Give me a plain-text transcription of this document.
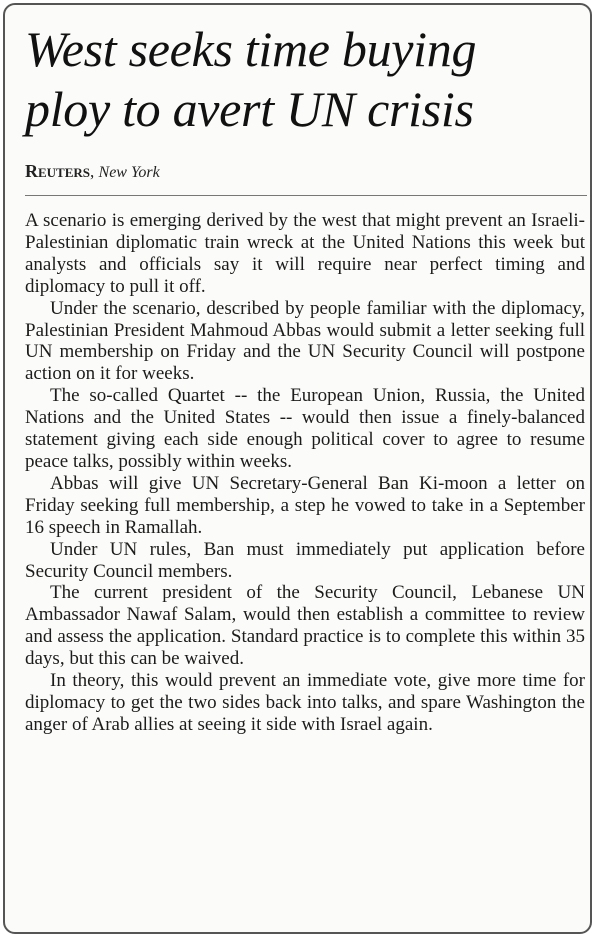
West seeks time buying
ploy to avert UN crisis
Reuters, New York

A scenario is emerging derived by the west that might prevent an Israeli-Palestinian diplomatic train wreck at the United Nations this week but analysts and officials say it will require near perfect timing and diplomacy to pull it off.

Under the scenario, described by people familiar with the diplomacy, Palestinian President Mahmoud Abbas would submit a letter seeking full UN membership on Friday and the UN Security Council will postpone action on it for weeks.

The so-called Quartet -- the European Union, Russia, the United Nations and the United States -- would then issue a finely-balanced statement giving each side enough political cover to agree to resume peace talks, possibly within weeks.

Abbas will give UN Secretary-General Ban Ki-moon a letter on Friday seeking full membership, a step he vowed to take in a September 16 speech in Ramallah.

Under UN rules, Ban must immediately put application before Security Council members.

The current president of the Security Council, Lebanese UN Ambassador Nawaf Salam, would then establish a committee to review and assess the application. Standard practice is to complete this within 35 days, but this can be waived.

In theory, this would prevent an immediate vote, give more time for diplomacy to get the two sides back into talks, and spare Washington the anger of Arab allies at seeing it side with Israel again.
